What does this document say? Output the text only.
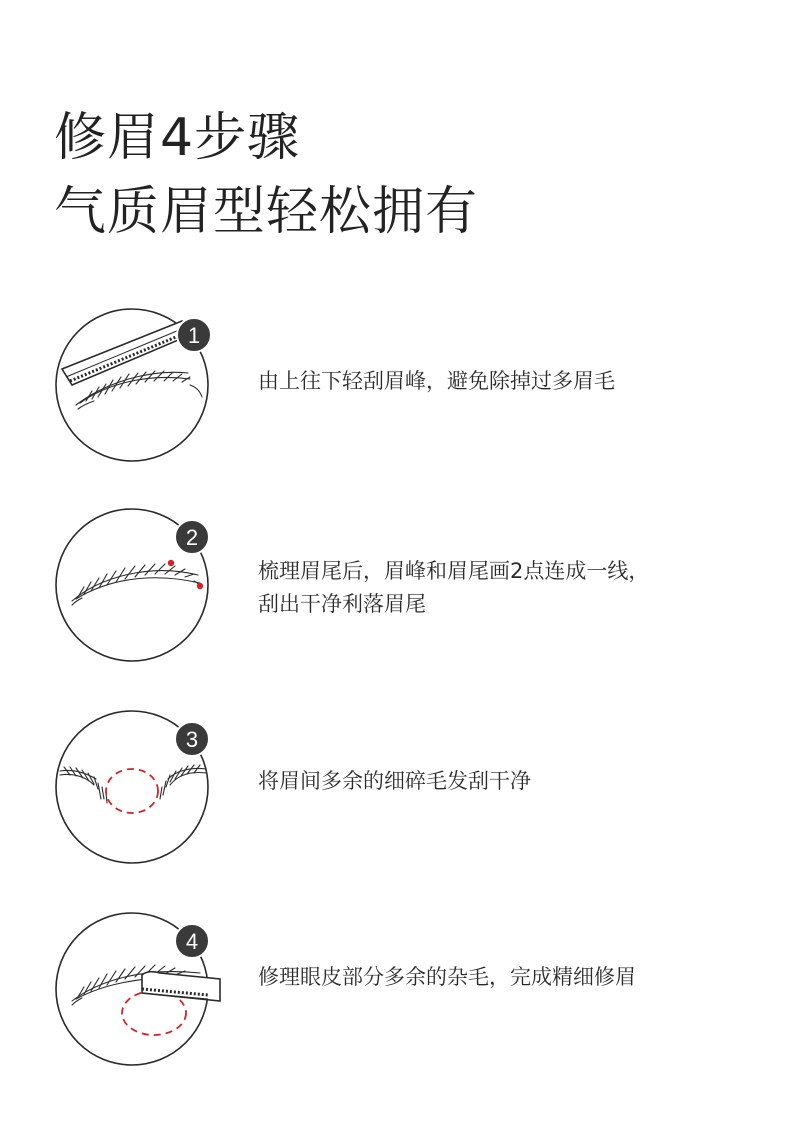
修眉4步骤
气质眉型轻松拥有
1
由上往下轻刮眉峰，避免除掉过多眉毛
2
梳理眉尾后，眉峰和眉尾画2点连成一线，
刮出干净利落眉尾
3
将眉间多余的细碎毛发刮干净
4
修理眼皮部分多余的杂毛，完成精细修眉
